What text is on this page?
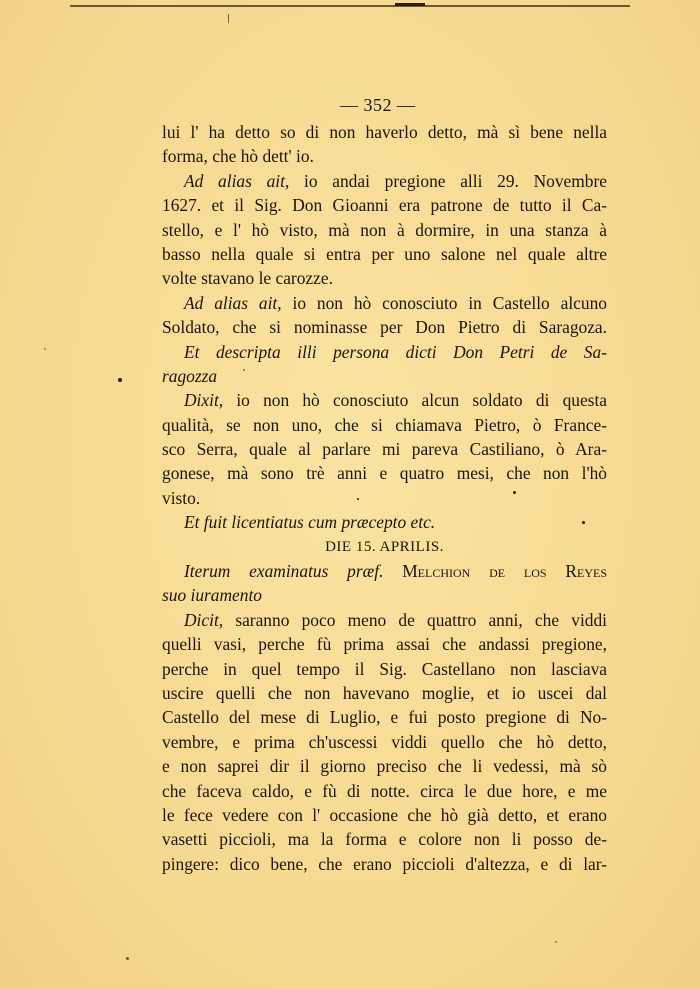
— 352 —
lui l' ha detto so di non haverlo detto, mà sì bene nella
forma, che hò dett' io.
Ad alias ait, io andai pregione alli 29. Novembre
1627. et il Sig. Don Gioanni era patrone de tutto il Ca-
stello, e l' hò visto, mà non à dormire, in una stanza à
basso nella quale si entra per uno salone nel quale altre
volte stavano le carozze.
Ad alias ait, io non hò conosciuto in Castello alcuno
Soldato, che si nominasse per Don Pietro di Saragoza.
Et descripta illi persona dicti Don Petri de Sa-
ragozza
Dixit, io non hò conosciuto alcun soldato di questa
qualità, se non uno, che si chiamava Pietro, ò France-
sco Serra, quale al parlare mi pareva Castiliano, ò Ara-
gonese, mà sono trè anni e quatro mesi, che non l'hò
visto.
Et fuit licentiatus cum præcepto etc.
DIE 15. APRILIS.
Iterum examinatus præf. Melchion de los Reyes
suo iuramento
Dicit, saranno poco meno de quattro anni, che viddi
quelli vasi, perche fù prima assai che andassi pregione,
perche in quel tempo il Sig. Castellano non lasciava
uscire quelli che non havevano moglie, et io uscei dal
Castello del mese di Luglio, e fui posto pregione di No-
vembre, e prima ch'uscessi viddi quello che hò detto,
e non saprei dir il giorno preciso che li vedessi, mà sò
che faceva caldo, e fù di notte. circa le due hore, e me
le fece vedere con l' occasione che hò già detto, et erano
vasetti piccioli, ma la forma e colore non li posso de-
pingere: dico bene, che erano piccioli d'altezza, e di lar-
